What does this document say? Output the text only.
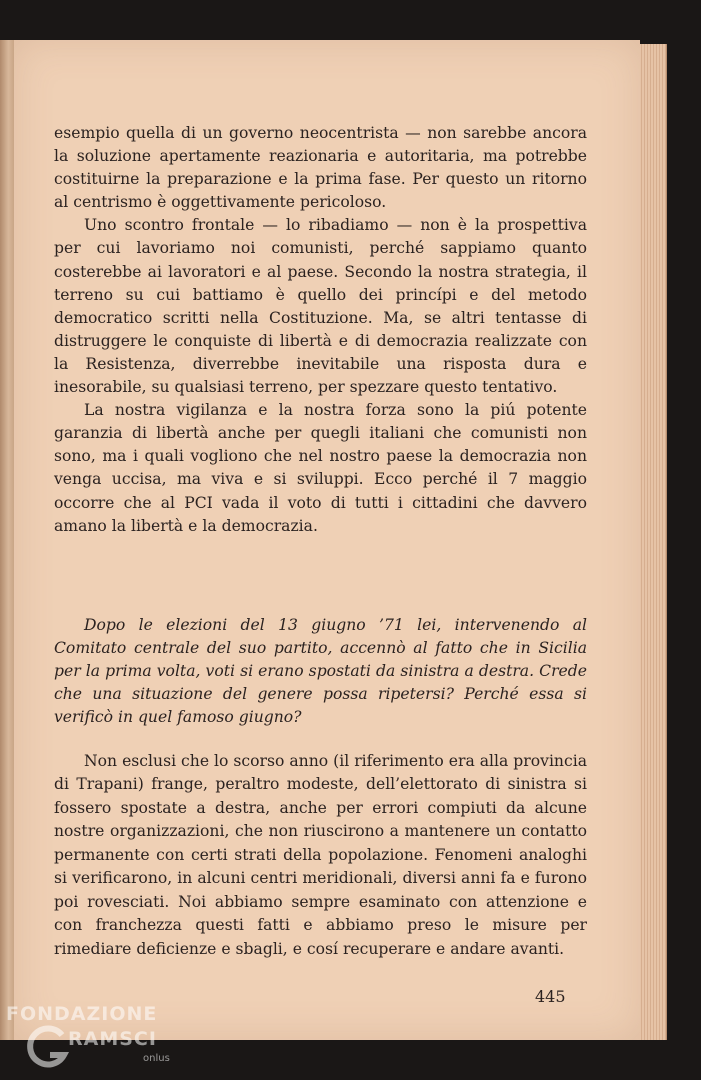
esempio quella di un governo neocentrista — non sarebbe ancora la soluzione apertamente reazionaria e autoritaria, ma potrebbe costituirne la preparazione e la prima fase. Per questo un ritorno al centrismo è oggettivamente pericoloso.

Uno scontro frontale — lo ribadiamo — non è la prospettiva per cui lavoriamo noi comunisti, perché sappiamo quanto costerebbe ai lavoratori e al paese. Secondo la nostra strategia, il terreno su cui battiamo è quello dei princípi e del metodo democratico scritti nella Costituzione. Ma, se altri tentasse di distruggere le conquiste di libertà e di democrazia realizzate con la Resistenza, diverrebbe inevitabile una risposta dura e inesorabile, su qualsiasi terreno, per spezzare questo tentativo.

La nostra vigilanza e la nostra forza sono la piú potente garanzia di libertà anche per quegli italiani che comunisti non sono, ma i quali vogliono che nel nostro paese la democrazia non venga uccisa, ma viva e si sviluppi. Ecco perché il 7 maggio occorre che al PCI vada il voto di tutti i cittadini che davvero amano la libertà e la democrazia.

Dopo le elezioni del 13 giugno ’71 lei, intervenendo al Comitato centrale del suo partito, accennò al fatto che in Sicilia per la prima volta, voti si erano spostati da sinistra a destra. Crede che una situazione del genere possa ripetersi? Perché essa si verificò in quel famoso giugno?

Non esclusi che lo scorso anno (il riferimento era alla provincia di Trapani) frange, peraltro modeste, dell’elettorato di sinistra si fossero spostate a destra, anche per errori compiuti da alcune nostre organizzazioni, che non riuscirono a mantenere un contatto permanente con certi strati della popolazione. Fenomeni analoghi si verificarono, in alcuni centri meridionali, diversi anni fa e furono poi rovesciati. Noi abbiamo sempre esaminato con attenzione e con franchezza questi fatti e abbiamo preso le misure per rimediare deficienze e sbagli, e cosí recuperare e andare avanti.

445
FONDAZIONE
RAMSCI
onlus
